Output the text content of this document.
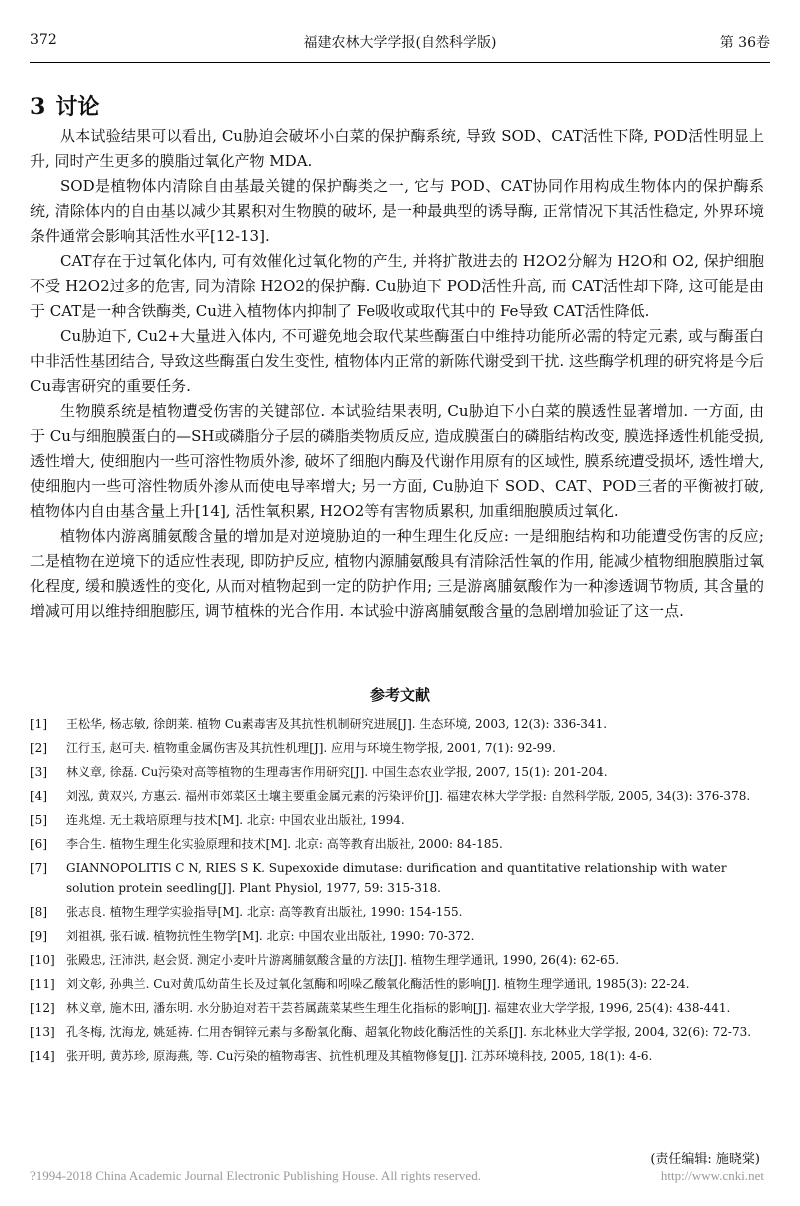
372	福建农林大学学报(自然科学版)	第 36卷
3 讨论

从本试验结果可以看出, Cu胁迫会破坏小白菜的保护酶系统, 导致 SOD、CAT活性下降, POD活性明显上升, 同时产生更多的膜脂过氧化产物 MDA.

SOD是植物体内清除自由基最关键的保护酶类之一, 它与 POD、CAT协同作用构成生物体内的保护酶系统, 清除体内的自由基以减少其累积对生物膜的破坏, 是一种最典型的诱导酶, 正常情况下其活性稳定, 外界环境条件通常会影响其活性水平[12-13].

CAT存在于过氧化体内, 可有效催化过氧化物的产生, 并将扩散进去的 H2O2分解为 H2O和 O2, 保护细胞不受 H2O2过多的危害, 同为清除 H2O2的保护酶. Cu胁迫下 POD活性升高, 而 CAT活性却下降, 这可能是由于 CAT是一种含铁酶类, Cu进入植物体内抑制了 Fe吸收或取代其中的 Fe导致 CAT活性降低.

Cu胁迫下, Cu2+大量进入体内, 不可避免地会取代某些酶蛋白中维持功能所必需的特定元素, 或与酶蛋白中非活性基团结合, 导致这些酶蛋白发生变性, 植物体内正常的新陈代谢受到干扰. 这些酶学机理的研究将是今后 Cu毒害研究的重要任务.

生物膜系统是植物遭受伤害的关键部位. 本试验结果表明, Cu胁迫下小白菜的膜透性显著增加. 一方面, 由于 Cu与细胞膜蛋白的—SH或磷脂分子层的磷脂类物质反应, 造成膜蛋白的磷脂结构改变, 膜选择透性机能受损, 透性增大, 使细胞内一些可溶性物质外渗, 破坏了细胞内酶及代谢作用原有的区域性, 膜系统遭受损坏, 透性增大, 使细胞内一些可溶性物质外渗从而使电导率增大; 另一方面, Cu胁迫下 SOD、CAT、POD三者的平衡被打破, 植物体内自由基含量上升[14], 活性氧积累, H2O2等有害物质累积, 加重细胞膜质过氧化.

植物体内游离脯氨酸含量的增加是对逆境胁迫的一种生理生化反应: 一是细胞结构和功能遭受伤害的反应; 二是植物在逆境下的适应性表现, 即防护反应, 植物内源脯氨酸具有清除活性氧的作用, 能减少植物细胞膜脂过氧化程度, 缓和膜透性的变化, 从而对植物起到一定的防护作用; 三是游离脯氨酸作为一种渗透调节物质, 其含量的增减可用以维持细胞膨压, 调节植株的光合作用. 本试验中游离脯氨酸含量的急剧增加验证了这一点.

参考文献
[1] 王松华, 杨志敏, 徐朗莱. 植物 Cu素毒害及其抗性机制研究进展[J]. 生态环境, 2003, 12(3): 336-341.
[2] 江行玉, 赵可夫. 植物重金属伤害及其抗性机理[J]. 应用与环境生物学报, 2001, 7(1): 92-99.
[3] 林义章, 徐磊. Cu污染对高等植物的生理毒害作用研究[J]. 中国生态农业学报, 2007, 15(1): 201-204.
[4] 刘泓, 黄双兴, 方惠云. 福州市郊菜区土壤主要重金属元素的污染评价[J]. 福建农林大学学报: 自然科学版, 2005, 34(3): 376-378.
[5] 连兆煌. 无土栽培原理与技术[M]. 北京: 中国农业出版社, 1994.
[6] 李合生. 植物生理生化实验原理和技术[M]. 北京: 高等教育出版社, 2000: 84-185.
[7] GIANNOPOLITIS C N, RIES S K. Supexoxide dimutase: durification and quantitative relationship with water solution protein seedling[J]. Plant Physiol, 1977, 59: 315-318.
[8] 张志良. 植物生理学实验指导[M]. 北京: 高等教育出版社, 1990: 154-155.
[9] 刘祖祺, 张石诚. 植物抗性生物学[M]. 北京: 中国农业出版社, 1990: 70-372.
[10] 张殿忠, 汪沛洪, 赵会贤. 测定小麦叶片游离脯氨酸含量的方法[J]. 植物生理学通讯, 1990, 26(4): 62-65.
[11] 刘文彰, 孙典兰. Cu对黄瓜幼苗生长及过氧化氢酶和吲哚乙酸氧化酶活性的影响[J]. 植物生理学通讯, 1985(3): 22-24.
[12] 林义章, 施木田, 潘东明. 水分胁迫对若干芸苔属蔬菜某些生理生化指标的影响[J]. 福建农业大学学报, 1996, 25(4): 438-441.
[13] 孔冬梅, 沈海龙, 姚延祷. 仁用杏铜锌元素与多酚氧化酶、超氧化物歧化酶活性的关系[J]. 东北林业大学学报, 2004, 32(6): 72-73.
[14] 张开明, 黄苏珍, 原海燕, 等. Cu污染的植物毒害、抗性机理及其植物修复[J]. 江苏环境科技, 2005, 18(1): 4-6.
(责任编辑: 施晓棠)
?1994-2018 China Academic Journal Electronic Publishing House. All rights reserved.	http://www.cnki.net
